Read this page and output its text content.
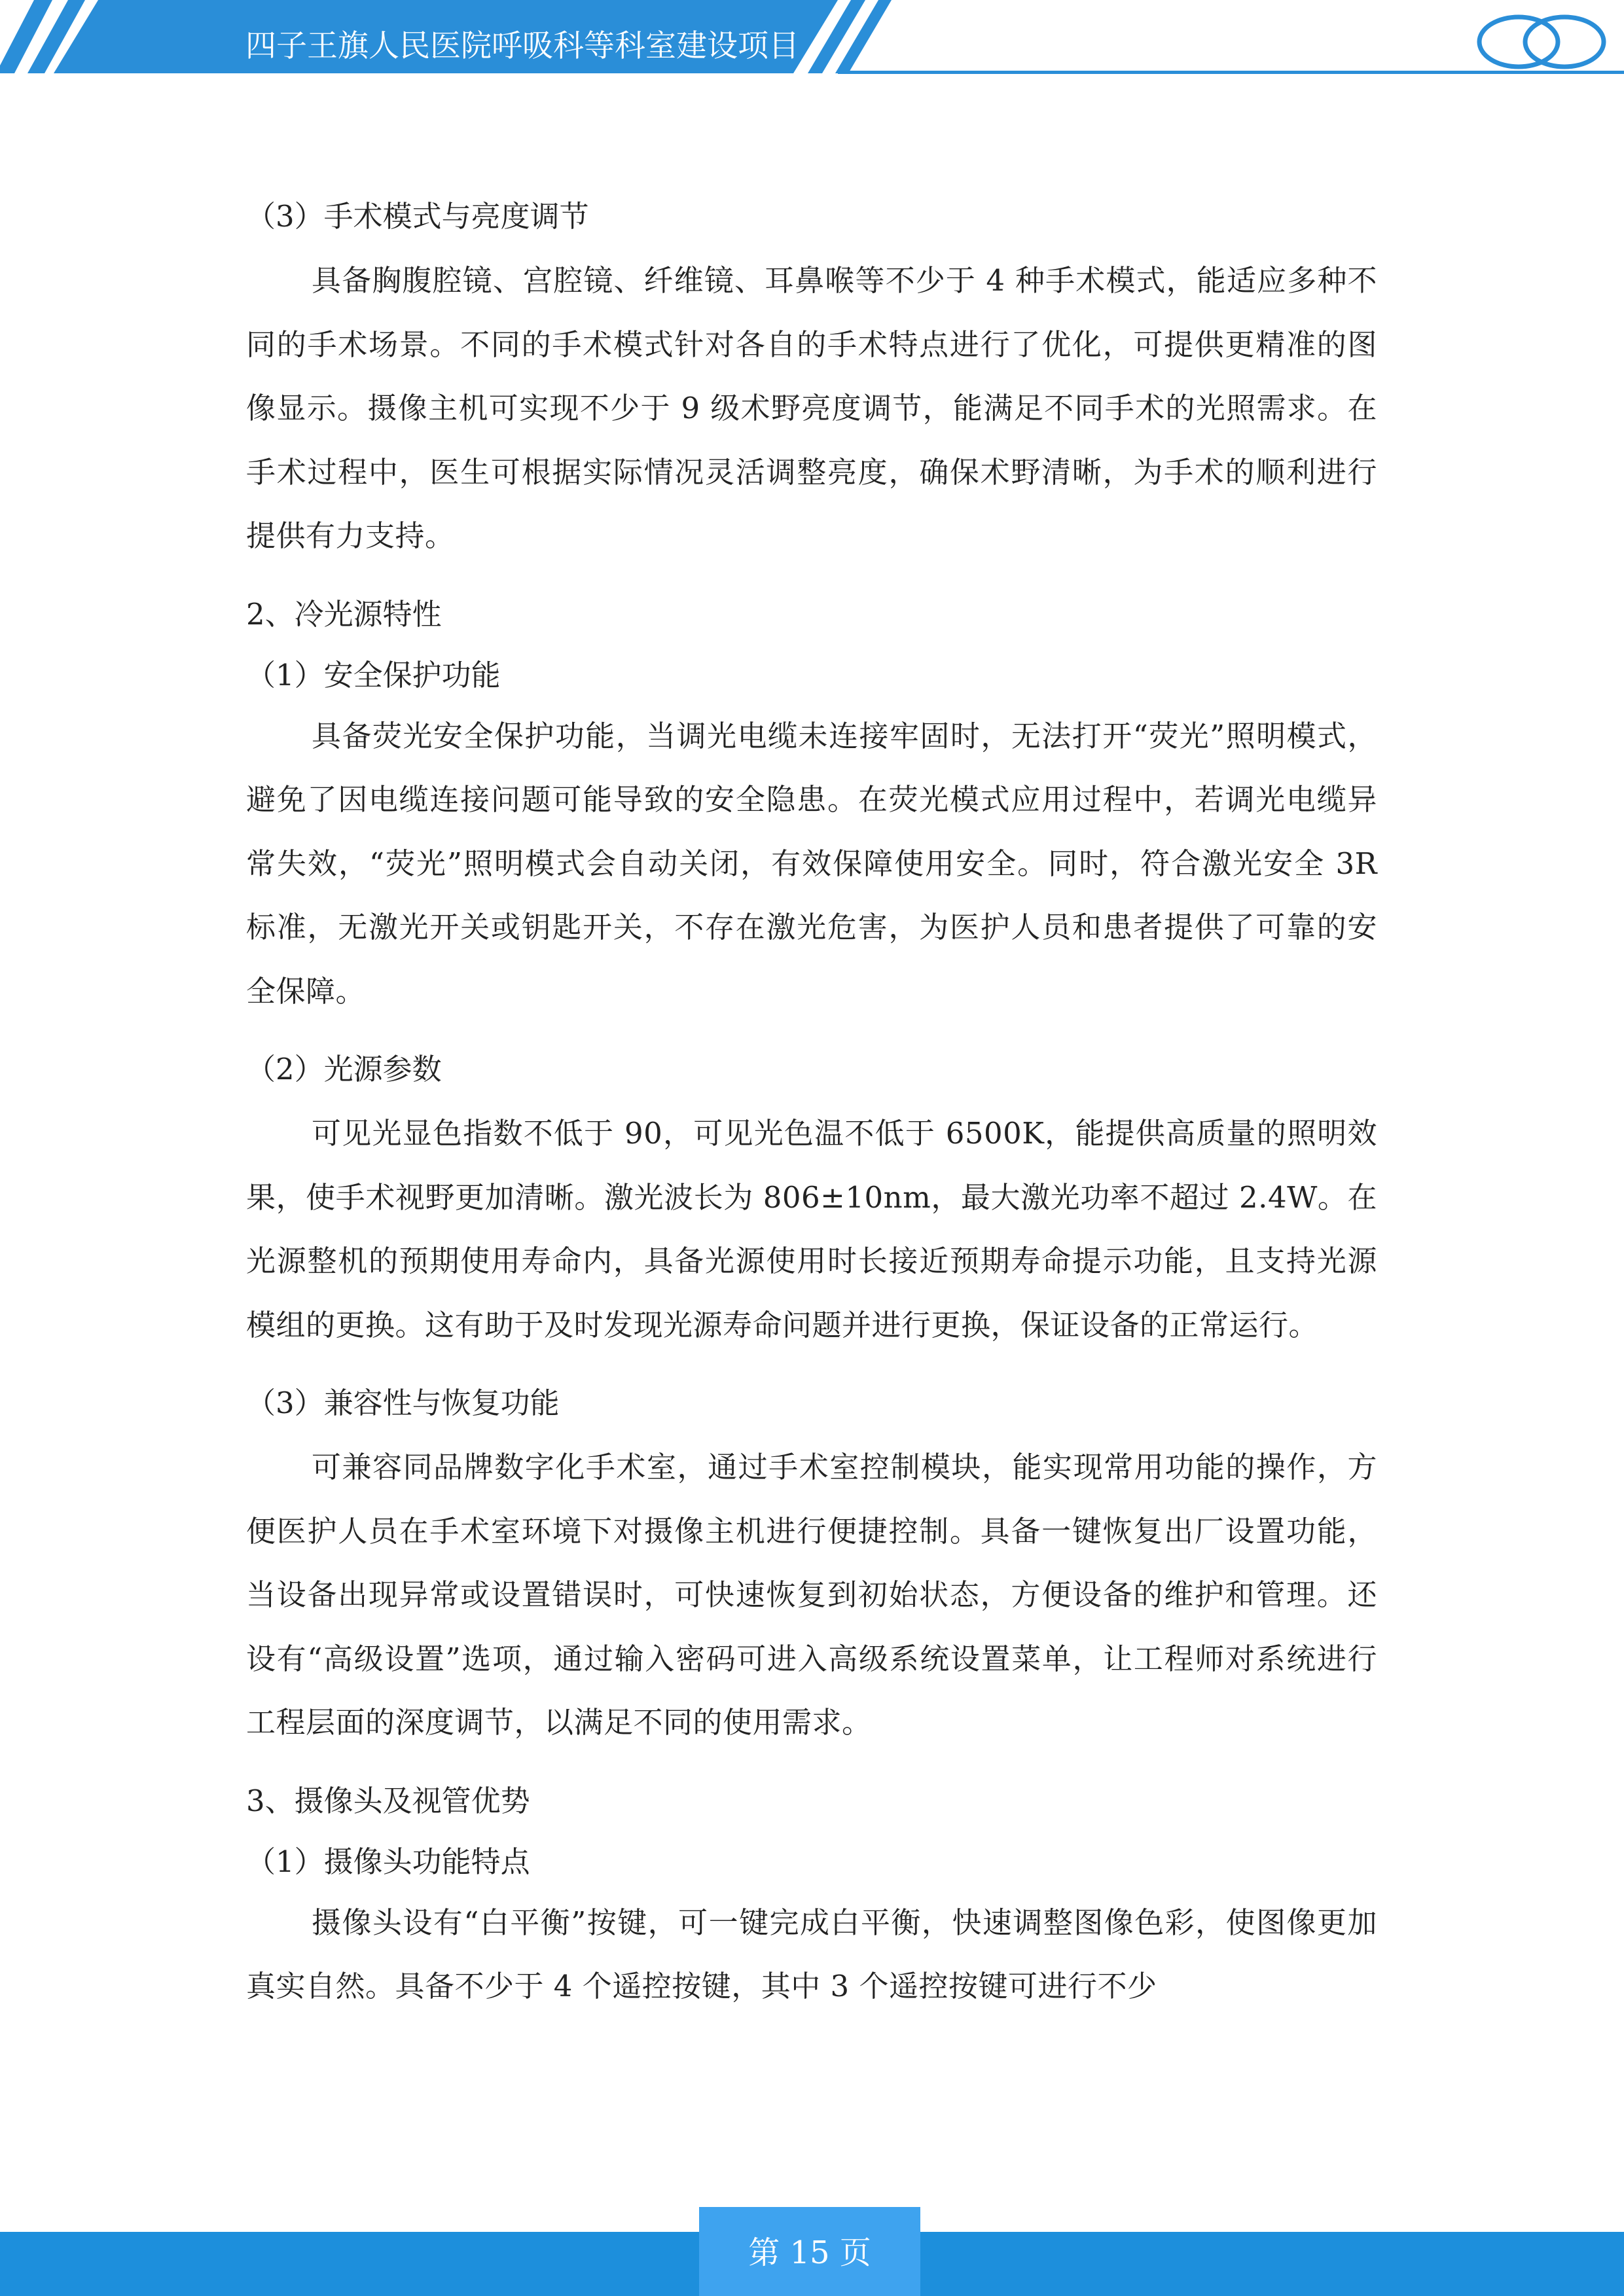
四子王旗人民医院呼吸科等科室建设项目
（3）手术模式与亮度调节
具备胸腹腔镜、宫腔镜、纤维镜、耳鼻喉等不少于 4 种手术模式，能适应多种不同的手术场景。不同的手术模式针对各自的手术特点进行了优化，可提供更精准的图像显示。摄像主机可实现不少于 9 级术野亮度调节，能满足不同手术的光照需求。在手术过程中，医生可根据实际情况灵活调整亮度，确保术野清晰，为手术的顺利进行提供有力支持。
2、冷光源特性
（1）安全保护功能
具备荧光安全保护功能，当调光电缆未连接牢固时，无法打开“荧光”照明模式，避免了因电缆连接问题可能导致的安全隐患。在荧光模式应用过程中，若调光电缆异常失效，“荧光”照明模式会自动关闭，有效保障使用安全。同时，符合激光安全 3R 标准，无激光开关或钥匙开关，不存在激光危害，为医护人员和患者提供了可靠的安全保障。
（2）光源参数
可见光显色指数不低于 90，可见光色温不低于 6500K，能提供高质量的照明效果，使手术视野更加清晰。激光波长为 806±10nm，最大激光功率不超过 2.4W。在光源整机的预期使用寿命内，具备光源使用时长接近预期寿命提示功能，且支持光源模组的更换。这有助于及时发现光源寿命问题并进行更换，保证设备的正常运行。
（3）兼容性与恢复功能
可兼容同品牌数字化手术室，通过手术室控制模块，能实现常用功能的操作，方便医护人员在手术室环境下对摄像主机进行便捷控制。具备一键恢复出厂设置功能，当设备出现异常或设置错误时，可快速恢复到初始状态，方便设备的维护和管理。还设有“高级设置”选项，通过输入密码可进入高级系统设置菜单，让工程师对系统进行工程层面的深度调节，以满足不同的使用需求。
3、摄像头及视管优势
（1）摄像头功能特点
摄像头设有“白平衡”按键，可一键完成白平衡，快速调整图像色彩，使图像更加真实自然。具备不少于 4 个遥控按键，其中 3 个遥控按键可进行不少
第 15 页
